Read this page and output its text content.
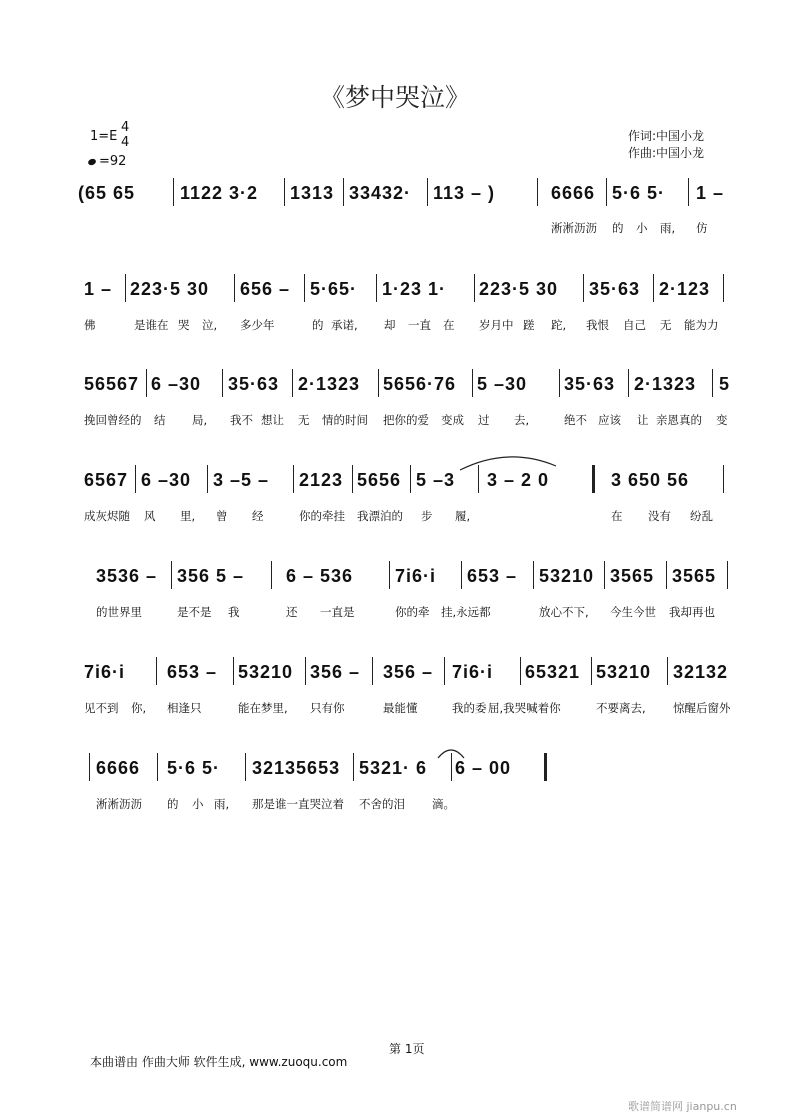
《梦中哭泣》
1=E
4
4
=92
作词:中国小龙
作曲:中国小龙
(65 65 1122 3·2 1313 33432· 113 – )	6666 5·6 5· 1 –
淅淅沥沥 的 小 雨, 仿
1 – 223·5 30 656 – 5·65· 1·23 1· 223·5 30 35·63 2·123
佛	是谁在 哭 泣, 多少年	的 承诺, 却 一直 在 岁月中 蹉 跎, 我恨 自己 无 能为力
56567 6 –30 35·63 2·1323 5656·76 5 –30 35·63 2·1323 5
挽回曾经的 结 局, 我不 想让 无 情的时间 把你的爱 变成 过 去,	绝不 应该 让 亲恩真的 变
6567 6 –30 3 –5 – 2123 5656 5 –3 3 – 2 0	3 650 56
成灰烬随 风 里, 曾 经	你的牵挂 我漂泊的 步 履,	在 没有 纷乱
3536 – 356 5 – 6 – 536 7i6·i 653 – 53210 3565 3565
的世界里	是不是 我	还 一直是	你的牵 挂,永远都	放心不下, 今生今世 我却再也
7i6·i 653 – 53210 356 – 356 – 7i6·i 65321 53210 32132
见不到 你, 相逢只	能在梦里, 只有你	最能懂	我的委 屈,我哭喊着你	不要离去, 惊醒后窗外
6666 5·6 5· 32135653 5321· 6 6 – 00
淅淅沥沥 的 小 雨, 那是谁一直哭泣着 不舍的泪 滴。
第 1页
本曲谱由 作曲大师 软件生成, www.zuoqu.com
歌谱简谱网 jianpu.cn
